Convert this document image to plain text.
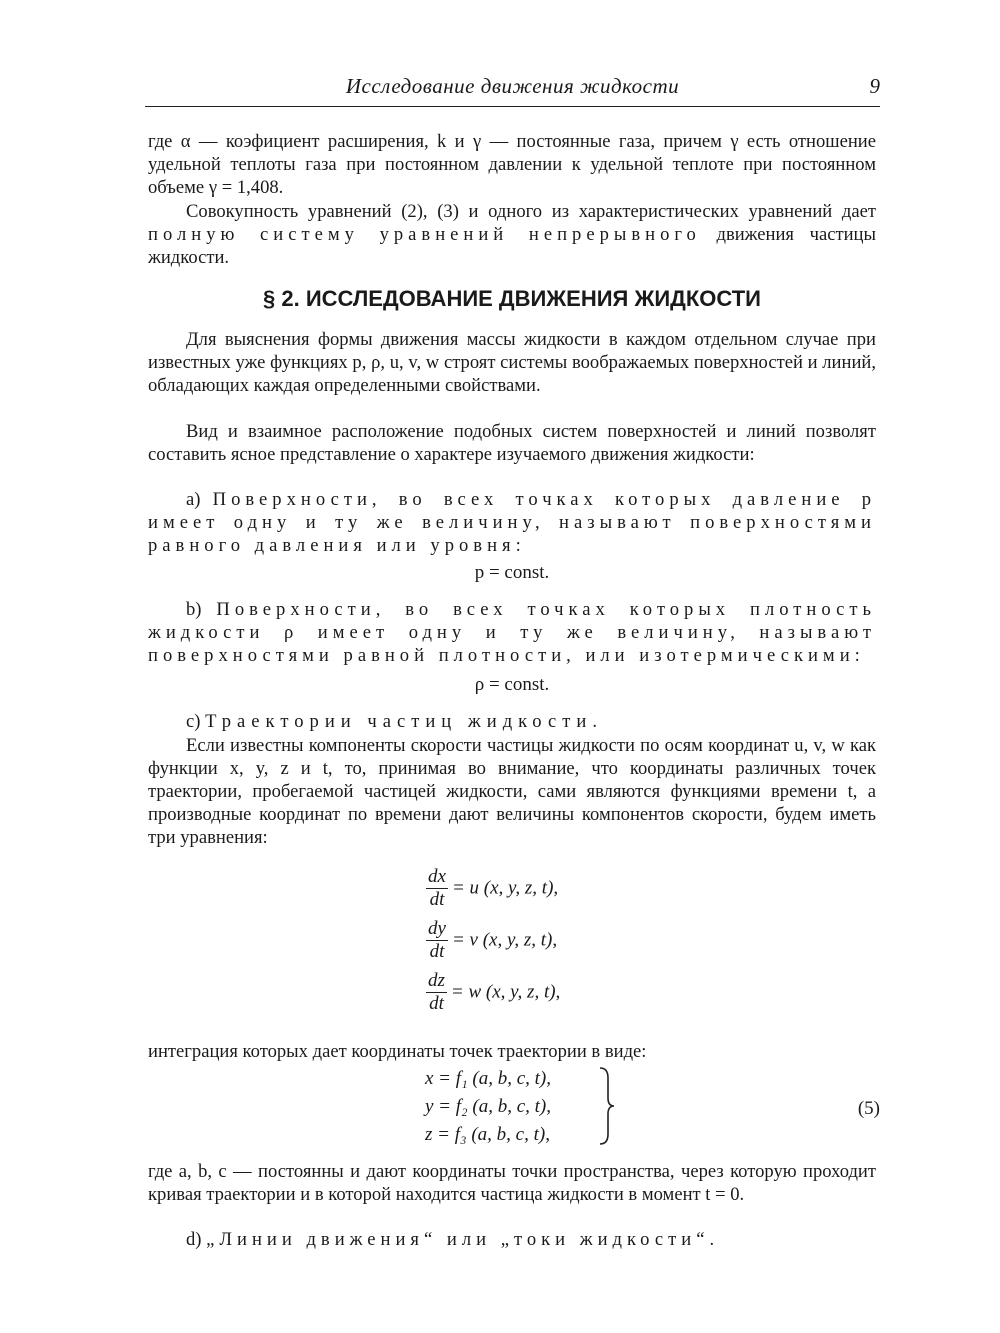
Исследование движения жидкости	9
где α — коэфициент расширения, k и γ — постоянные газа, причем γ есть отношение удельной теплоты газа при постоянном давлении к удельной теплоте при постоянном объеме γ = 1,408.
Совокупность уравнений (2), (3) и одного из характеристических уравнений дает полную систему уравнений непрерывного движения частицы жидкости.
§ 2. ИССЛЕДОВАНИЕ ДВИЖЕНИЯ ЖИДКОСТИ
Для выяснения формы движения массы жидкости в каждом отдельном случае при известных уже функциях p, ρ, u, v, w строят системы воображаемых поверхностей и линий, обладающих каждая определенными свойствами.
Вид и взаимное расположение подобных систем поверхностей и линий позволят составить ясное представление о характере изучаемого движения жидкости:
a) Поверхности, во всех точках которых давление p имеет одну и ту же величину, называют поверхностями равного давления или уровня:
p = const.
b) Поверхности, во всех точках которых плотность жидкости ρ имеет одну и ту же величину, называют поверхностями равной плотности, или изотермическими:
ρ = const.
c) Траектории частиц жидкости.
Если известны компоненты скорости частицы жидкости по осям координат u, v, w как функции x, y, z и t, то, принимая во внимание, что координаты различных точек траектории, пробегаемой частицей жидкости, сами являются функциями времени t, а производные координат по времени дают величины компонентов скорости, будем иметь три уравнения:
$\frac{dx}{dt} = u$ (x, y, z, t),
$\frac{dy}{dt} = v$ (x, y, z, t),
$\frac{dz}{dt} = w$ (x, y, z, t),
интеграция которых дает координаты точек траектории в виде:
x = f₁ (a, b, c, t),
y = f₂ (a, b, c, t),
z = f₃ (a, b, c, t),
(5)
где a, b, c — постоянны и дают координаты точки пространства, через которую проходит кривая траектории и в которой находится частица жидкости в момент t = 0.
d) „Линии движения“ или „токи жидкости“.
